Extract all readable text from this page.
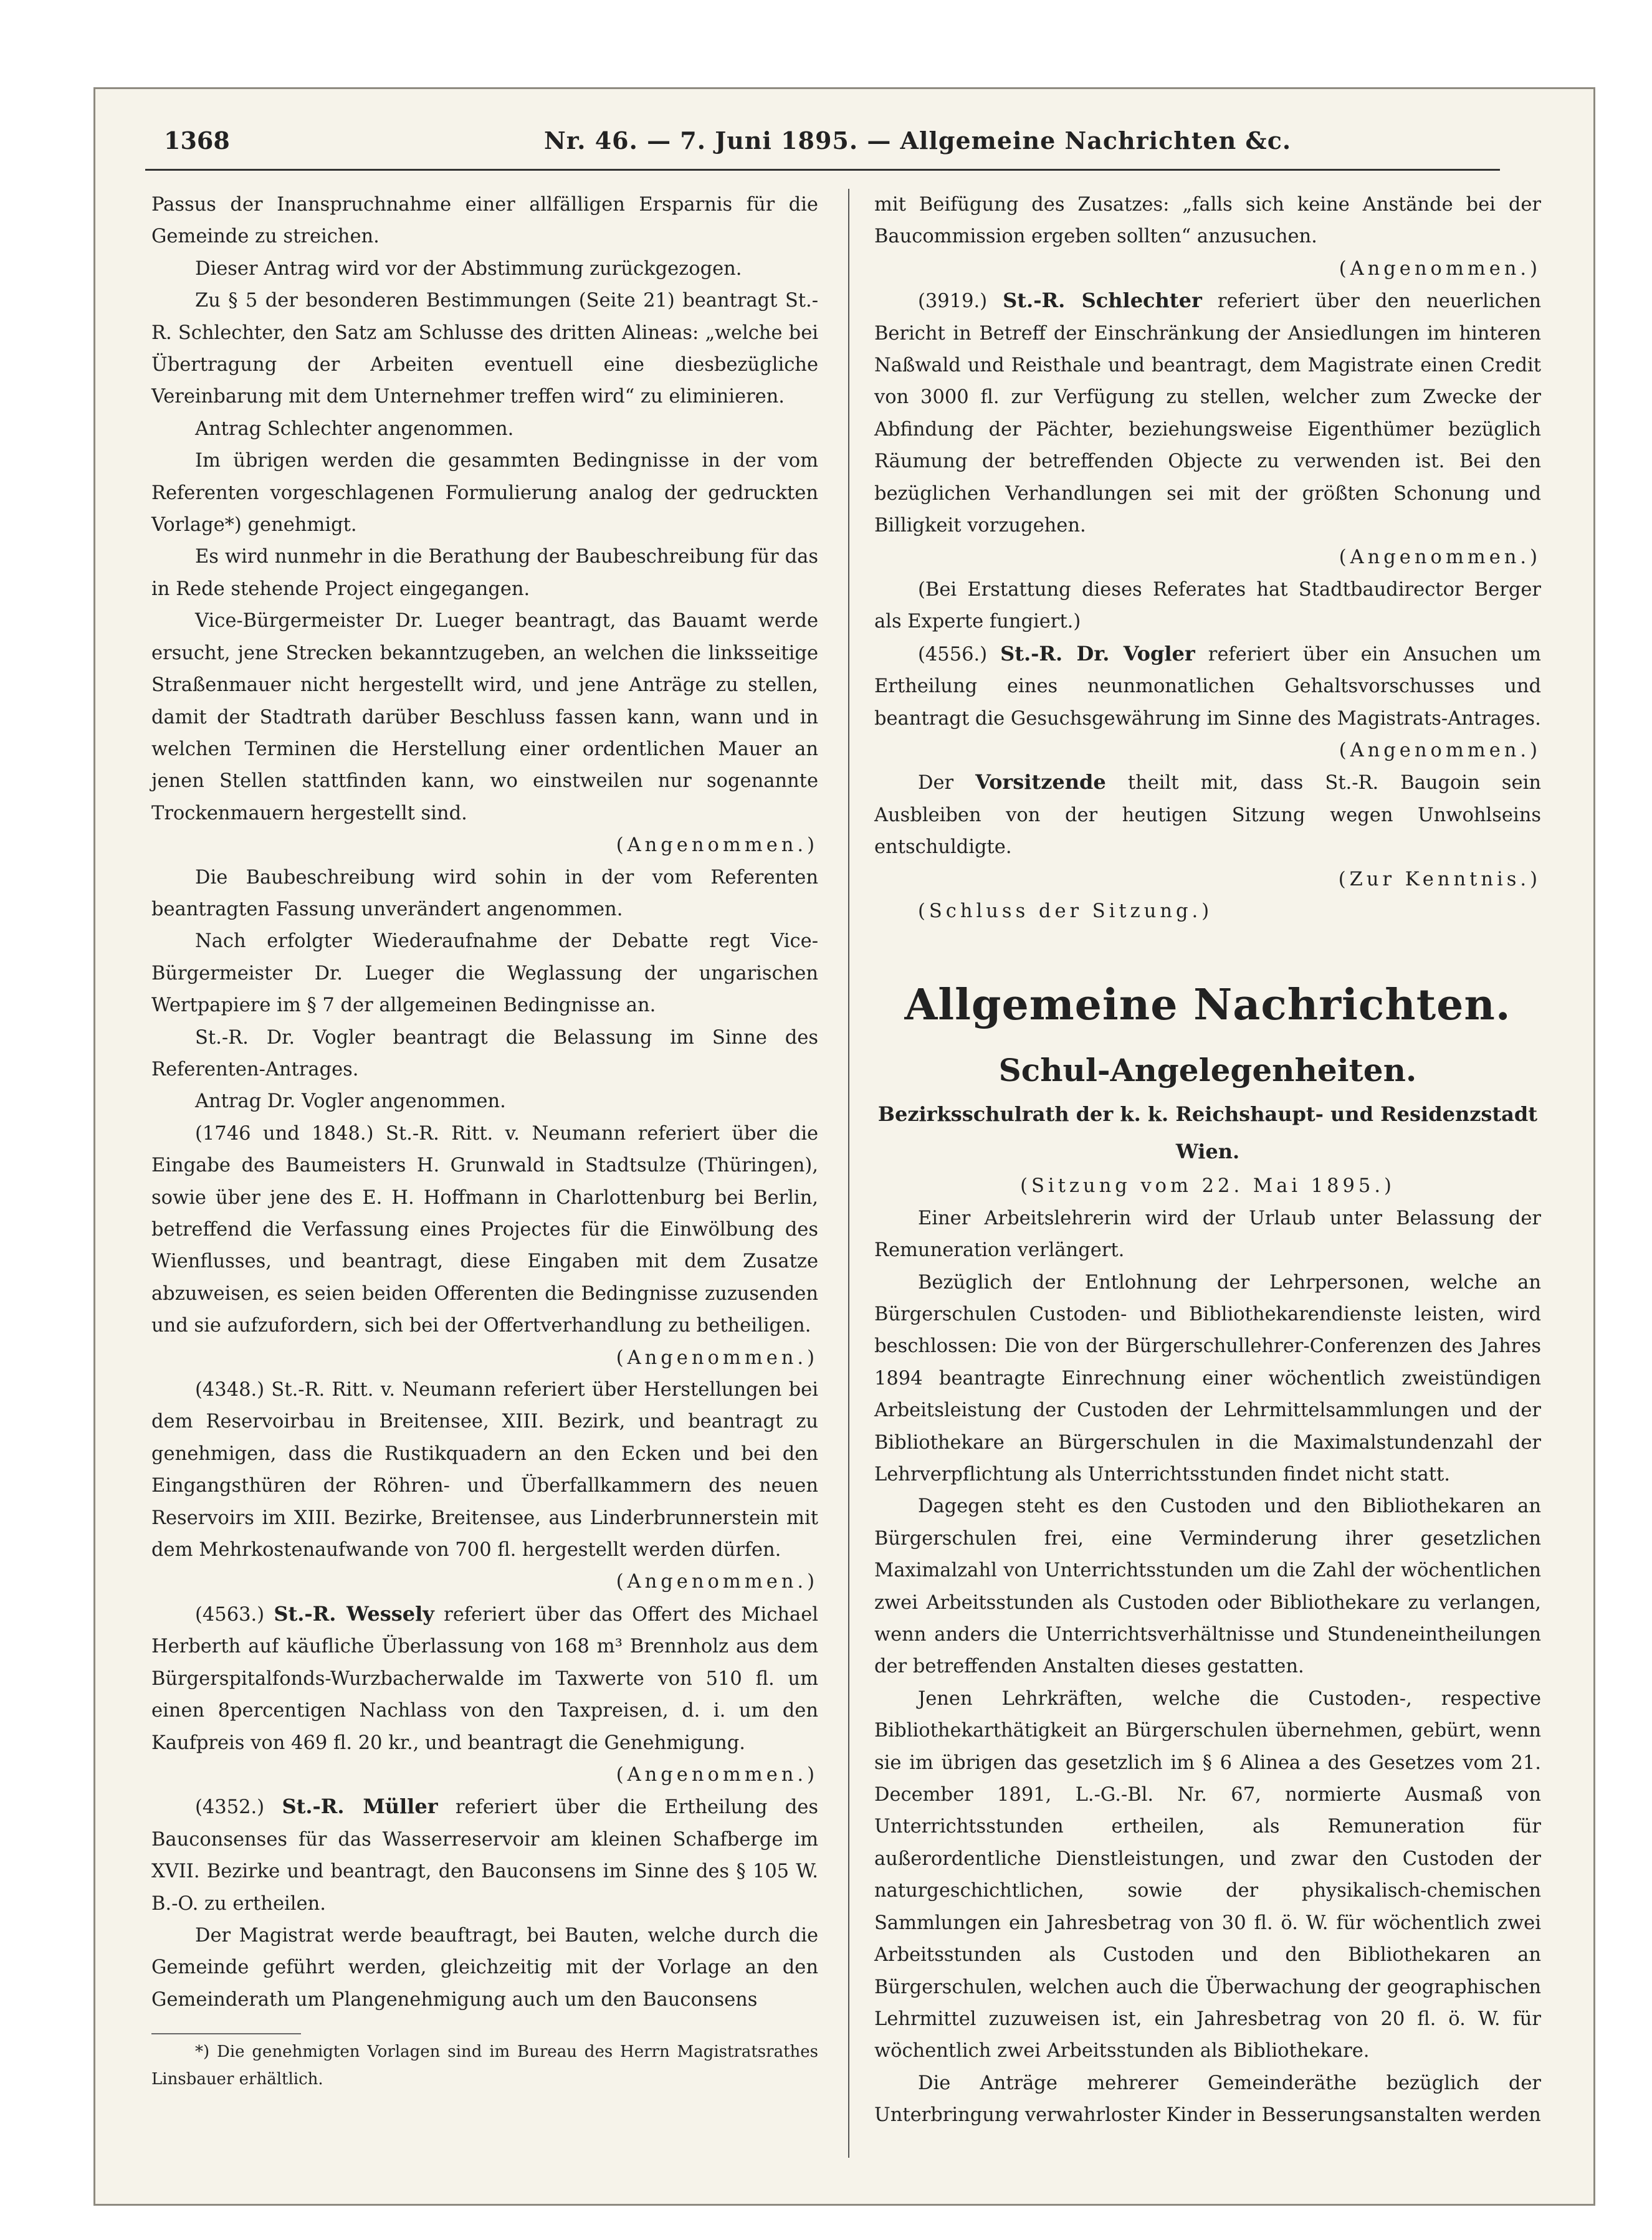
1368	Nr. 46. — 7. Juni 1895. — Allgemeine Nachrichten &c.

Passus der Inanspruchnahme einer allfälligen Ersparnis für die Gemeinde zu streichen.

Dieser Antrag wird vor der Abstimmung zurückgezogen.

Zu § 5 der besonderen Bestimmungen (Seite 21) beantragt St.-R. Schlechter, den Satz am Schlusse des dritten Alineas: „welche bei Übertragung der Arbeiten eventuell eine diesbezügliche Vereinbarung mit dem Unternehmer treffen wird“ zu eliminieren.

Antrag Schlechter angenommen.

Im übrigen werden die gesammten Bedingnisse in der vom Referenten vorgeschlagenen Formulierung analog der gedruckten Vorlage*) genehmigt.

Es wird nunmehr in die Berathung der Baubeschreibung für das in Rede stehende Project eingegangen.

Vice-Bürgermeister Dr. Lueger beantragt, das Bauamt werde ersucht, jene Strecken bekanntzugeben, an welchen die linksseitige Straßenmauer nicht hergestellt wird, und jene Anträge zu stellen, damit der Stadtrath darüber Beschluss fassen kann, wann und in welchen Terminen die Herstellung einer ordentlichen Mauer an jenen Stellen stattfinden kann, wo einstweilen nur sogenannte Trockenmauern hergestellt sind.

(Angenommen.)

Die Baubeschreibung wird sohin in der vom Referenten beantragten Fassung unverändert angenommen.

Nach erfolgter Wiederaufnahme der Debatte regt Vice-Bürgermeister Dr. Lueger die Weglassung der ungarischen Wertpapiere im § 7 der allgemeinen Bedingnisse an.

St.-R. Dr. Vogler beantragt die Belassung im Sinne des Referenten-Antrages.

Antrag Dr. Vogler angenommen.

(1746 und 1848.) St.-R. Ritt. v. Neumann referiert über die Eingabe des Baumeisters H. Grunwald in Stadtsulze (Thüringen), sowie über jene des E. H. Hoffmann in Charlottenburg bei Berlin, betreffend die Verfassung eines Projectes für die Einwölbung des Wienflusses, und beantragt, diese Eingaben mit dem Zusatze abzuweisen, es seien beiden Offerenten die Bedingnisse zuzusenden und sie aufzufordern, sich bei der Offertverhandlung zu betheiligen.

(Angenommen.)

(4348.) St.-R. Ritt. v. Neumann referiert über Herstellungen bei dem Reservoirbau in Breitensee, XIII. Bezirk, und beantragt zu genehmigen, dass die Rustikquadern an den Ecken und bei den Eingangsthüren der Röhren- und Überfallkammern des neuen Reservoirs im XIII. Bezirke, Breitensee, aus Linderbrunnerstein mit dem Mehrkostenaufwande von 700 fl. hergestellt werden dürfen.

(Angenommen.)

(4563.) St.-R. Wessely referiert über das Offert des Michael Herberth auf käufliche Überlassung von 168 m³ Brennholz aus dem Bürgerspitalfonds-Wurzbacherwalde im Taxwerte von 510 fl. um einen 8percentigen Nachlass von den Taxpreisen, d. i. um den Kaufpreis von 469 fl. 20 kr., und beantragt die Genehmigung.

(Angenommen.)

(4352.) St.-R. Müller referiert über die Ertheilung des Bauconsenses für das Wasserreservoir am kleinen Schafberge im XVII. Bezirke und beantragt, den Bauconsens im Sinne des § 105 W. B.-O. zu ertheilen.

Der Magistrat werde beauftragt, bei Bauten, welche durch die Gemeinde geführt werden, gleichzeitig mit der Vorlage an den Gemeinderath um Plangenehmigung auch um den Bauconsens

*) Die genehmigten Vorlagen sind im Bureau des Herrn Magistratsrathes Linsbauer erhältlich.

mit Beifügung des Zusatzes: „falls sich keine Anstände bei der Baucommission ergeben sollten“ anzusuchen.

(Angenommen.)

(3919.) St.-R. Schlechter referiert über den neuerlichen Bericht in Betreff der Einschränkung der Ansiedlungen im hinteren Naßwald und Reisthale und beantragt, dem Magistrate einen Credit von 3000 fl. zur Verfügung zu stellen, welcher zum Zwecke der Abfindung der Pächter, beziehungsweise Eigenthümer bezüglich Räumung der betreffenden Objecte zu verwenden ist. Bei den bezüglichen Verhandlungen sei mit der größten Schonung und Billigkeit vorzugehen.

(Angenommen.)

(Bei Erstattung dieses Referates hat Stadtbaudirector Berger als Experte fungiert.)

(4556.) St.-R. Dr. Vogler referiert über ein Ansuchen um Ertheilung eines neunmonatlichen Gehaltsvorschusses und beantragt die Gesuchsgewährung im Sinne des Magistrats-Antrages.

(Angenommen.)

Der Vorsitzende theilt mit, dass St.-R. Baugoin sein Ausbleiben von der heutigen Sitzung wegen Unwohlseins entschuldigte.

(Zur Kenntnis.)

(Schluss der Sitzung.)

Allgemeine Nachrichten.

Schul-Angelegenheiten.

Bezirksschulrath der k. k. Reichshaupt- und Residenzstadt Wien.

(Sitzung vom 22. Mai 1895.)

Einer Arbeitslehrerin wird der Urlaub unter Belassung der Remuneration verlängert.

Bezüglich der Entlohnung der Lehrpersonen, welche an Bürgerschulen Custoden- und Bibliothekarendienste leisten, wird beschlossen: Die von der Bürgerschullehrer-Conferenzen des Jahres 1894 beantragte Einrechnung einer wöchentlich zweistündigen Arbeitsleistung der Custoden der Lehrmittelsammlungen und der Bibliothekare an Bürgerschulen in die Maximalstundenzahl der Lehrverpflichtung als Unterrichtsstunden findet nicht statt.

Dagegen steht es den Custoden und den Bibliothekaren an Bürgerschulen frei, eine Verminderung ihrer gesetzlichen Maximalzahl von Unterrichtsstunden um die Zahl der wöchentlichen zwei Arbeitsstunden als Custoden oder Bibliothekare zu verlangen, wenn anders die Unterrichtsverhältnisse und Stundeneintheilungen der betreffenden Anstalten dieses gestatten.

Jenen Lehrkräften, welche die Custoden-, respective Bibliothekarthätigkeit an Bürgerschulen übernehmen, gebürt, wenn sie im übrigen das gesetzlich im § 6 Alinea a des Gesetzes vom 21. December 1891, L.-G.-Bl. Nr. 67, normierte Ausmaß von Unterrichtsstunden ertheilen, als Remuneration für außerordentliche Dienstleistungen, und zwar den Custoden der naturgeschichtlichen, sowie der physikalisch-chemischen Sammlungen ein Jahresbetrag von 30 fl. ö. W. für wöchentlich zwei Arbeitsstunden als Custoden und den Bibliothekaren an Bürgerschulen, welchen auch die Überwachung der geographischen Lehrmittel zuzuweisen ist, ein Jahresbetrag von 20 fl. ö. W. für wöchentlich zwei Arbeitsstunden als Bibliothekare.

Die Anträge mehrerer Gemeinderäthe bezüglich der Unterbringung verwahrloster Kinder in Besserungsanstalten werden
